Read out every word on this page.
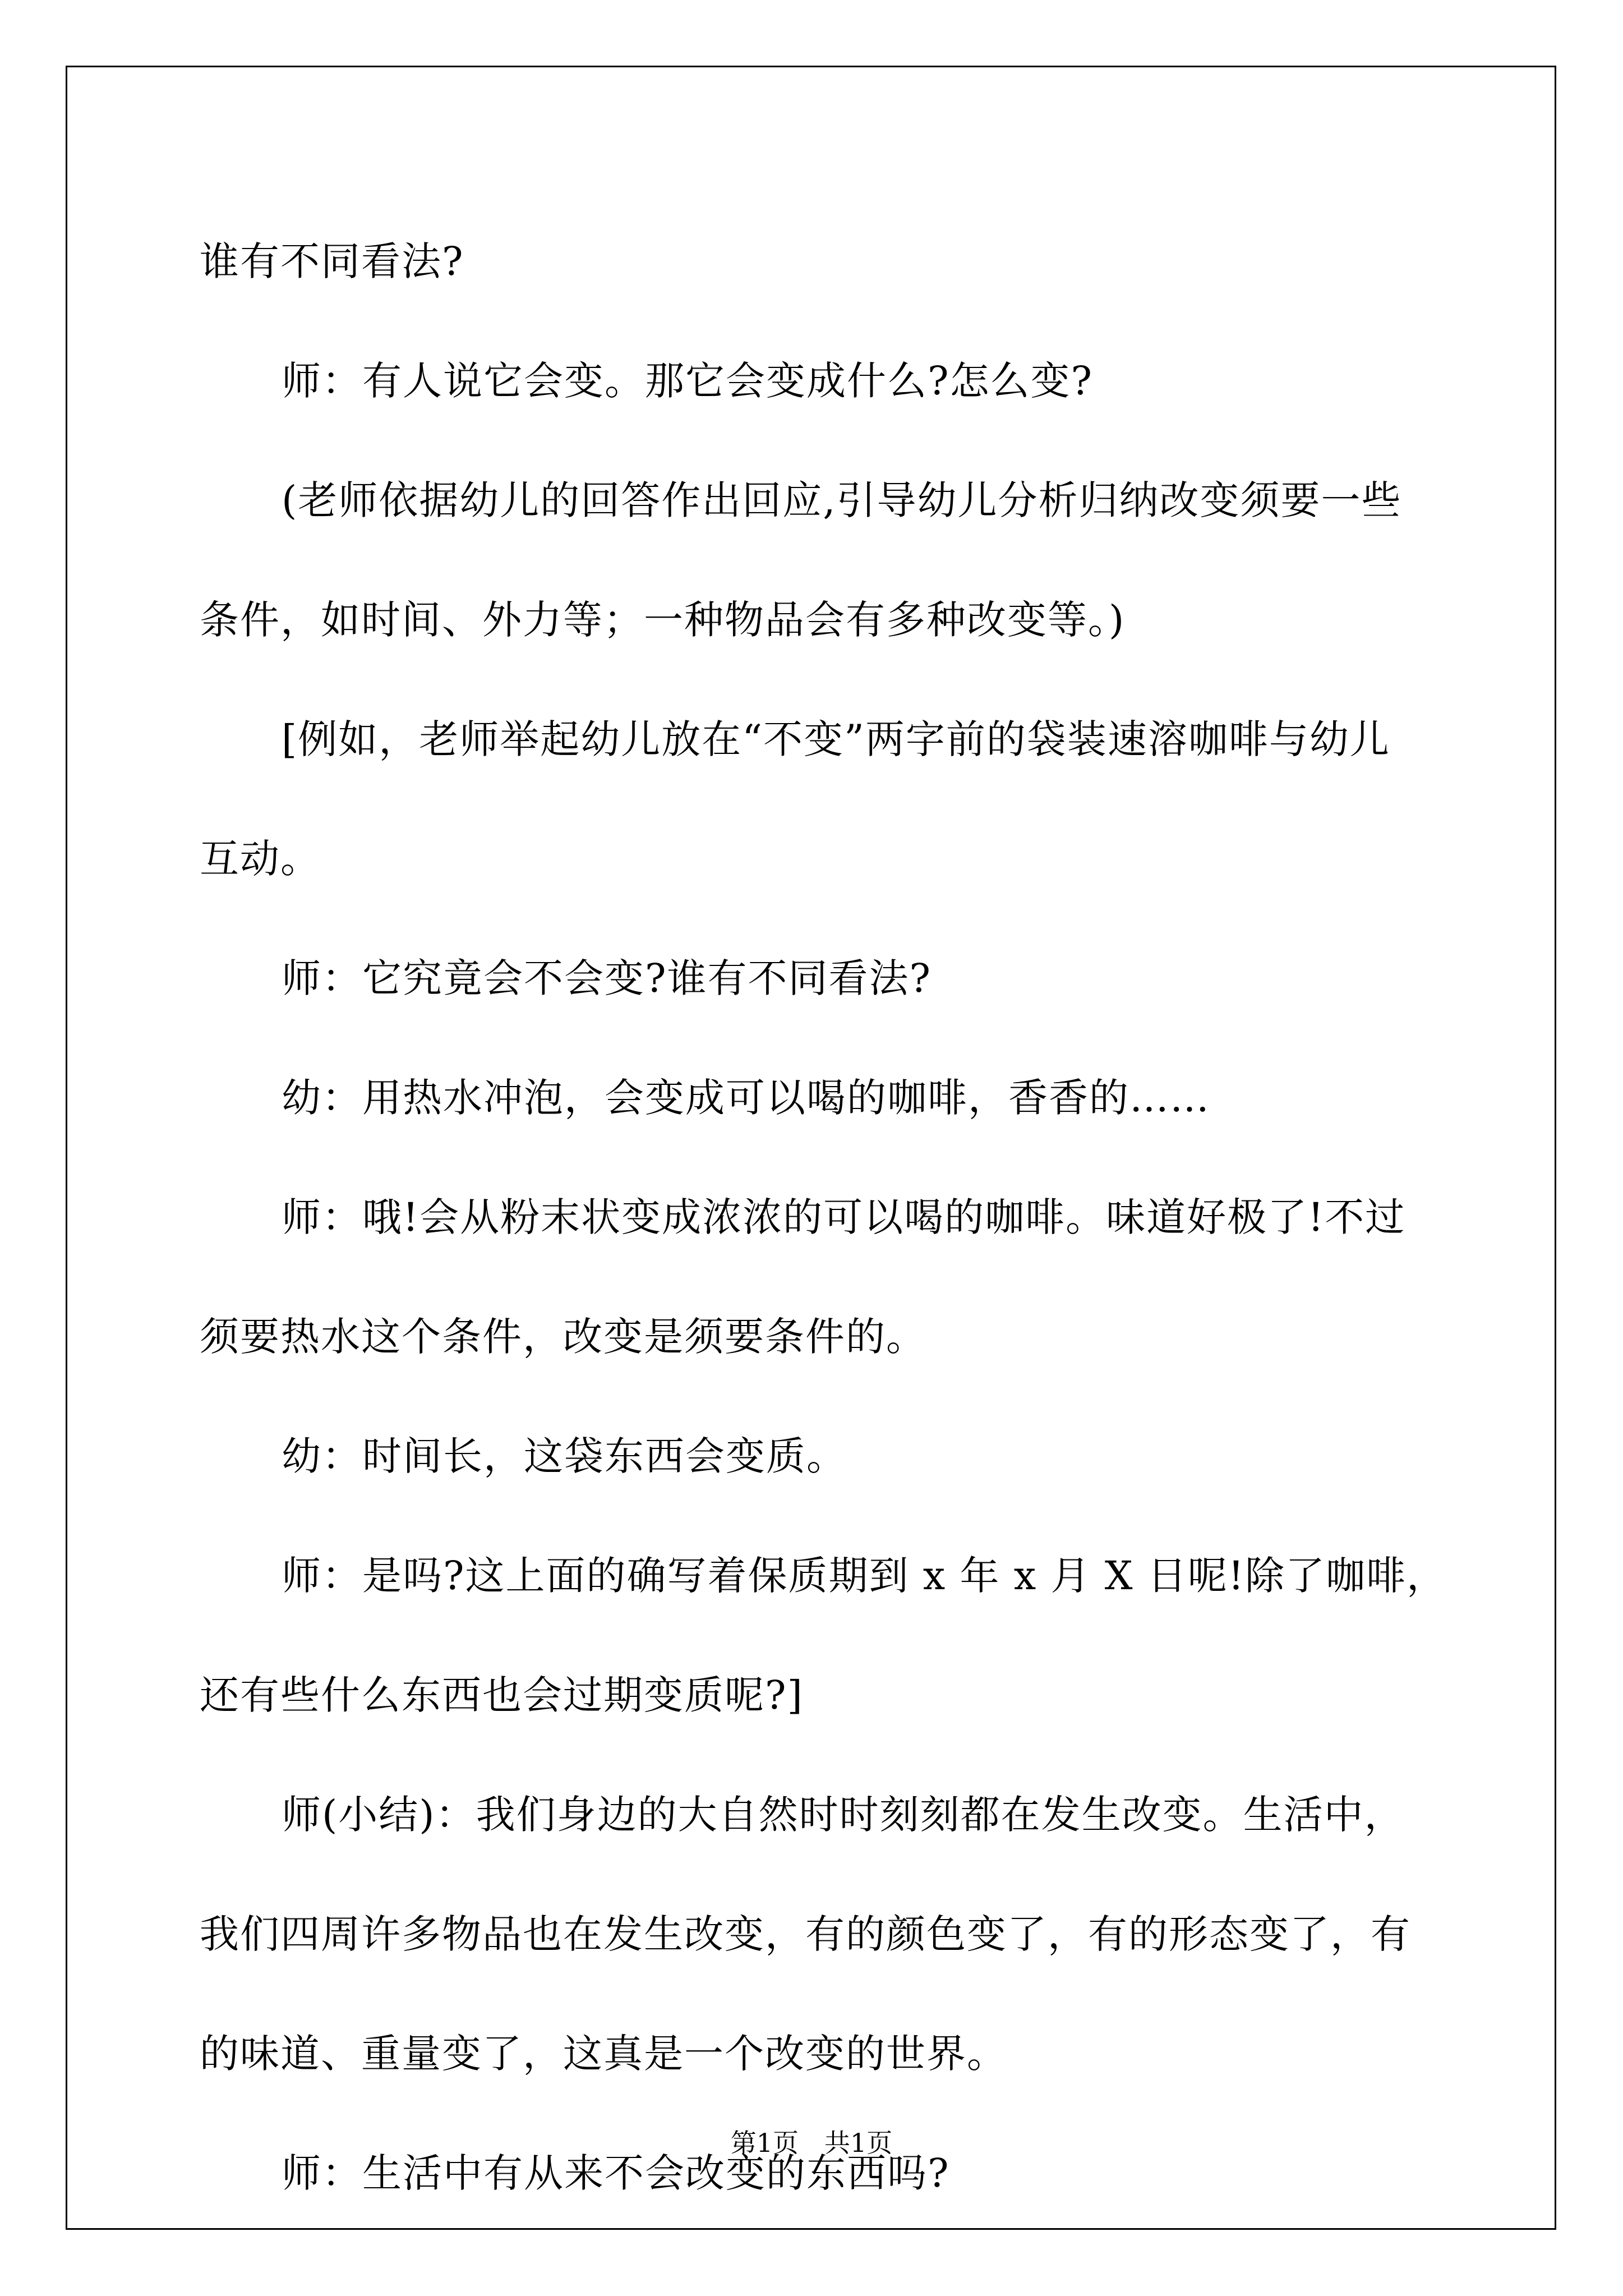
谁有不同看法?

师：有人说它会变。那它会变成什么?怎么变?

(老师依据幼儿的回答作出回应,引导幼儿分析归纳改变须要一些

条件，如时间、外力等；一种物品会有多种改变等。)

[例如，老师举起幼儿放在“不变”两字前的袋装速溶咖啡与幼儿

互动。

师：它究竟会不会变?谁有不同看法?

幼：用热水冲泡，会变成可以喝的咖啡，香香的……

师：哦!会从粉末状变成浓浓的可以喝的咖啡。味道好极了!不过

须要热水这个条件，改变是须要条件的。

幼：时间长，这袋东西会变质。

师：是吗?这上面的确写着保质期到 x 年 x 月 X 日呢!除了咖啡，

还有些什么东西也会过期变质呢?]

师(小结)：我们身边的大自然时时刻刻都在发生改变。生活中，

我们四周许多物品也在发生改变，有的颜色变了，有的形态变了，有

的味道、重量变了，这真是一个改变的世界。

师：生活中有从来不会改变的东西吗?

第1页　共1页
